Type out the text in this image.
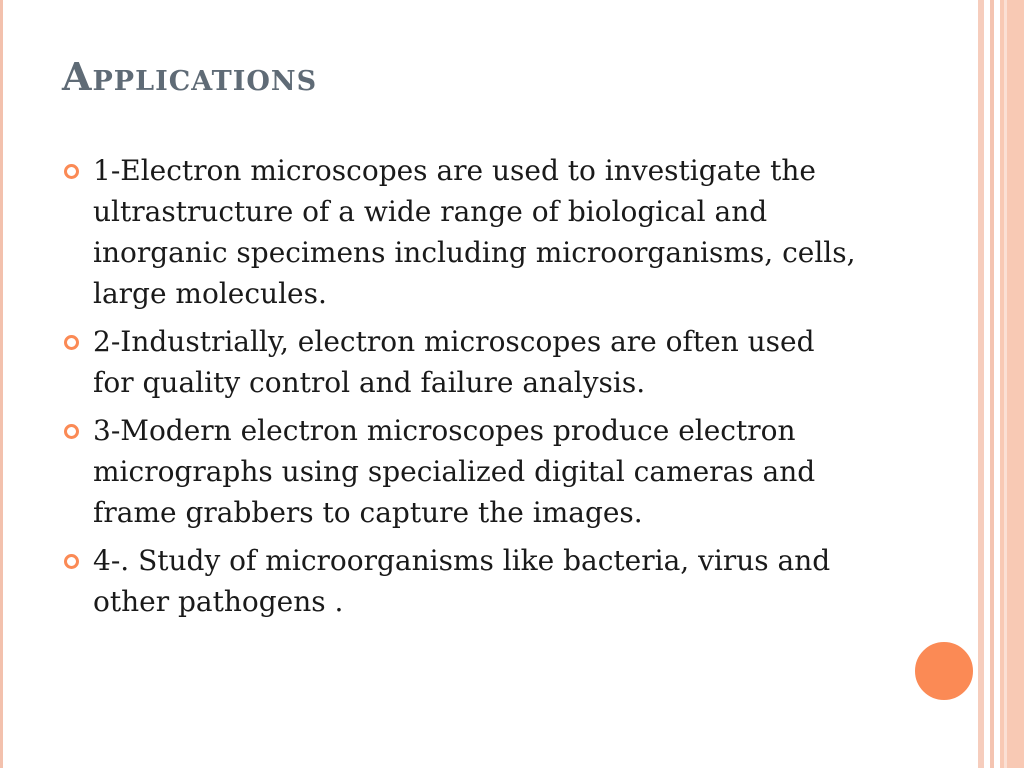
Applications
1-Electron microscopes are used to investigate the ultrastructure of a wide range of biological and inorganic specimens including microorganisms, cells, large molecules.
2-Industrially, electron microscopes are often used for quality control and failure analysis.
3-Modern electron microscopes produce electron micrographs using specialized digital cameras and frame grabbers to capture the images.
4-. Study of microorganisms like bacteria, virus and other pathogens .
